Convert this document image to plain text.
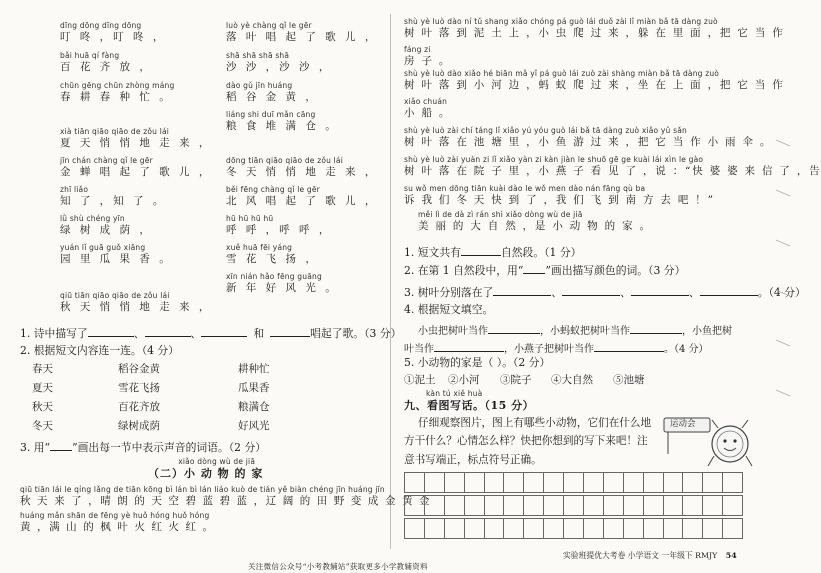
dīng dōng dīng dōng
叮 咚 ，叮 咚 ，
bǎi huā qí fàng
百 花 齐 放 ，
chūn gēng chūn zhòng máng
春 耕 春 种 忙 。
xià tiān qiāo qiāo de zǒu lái
夏 天 悄 悄 地 走 来 ，
jīn chán chàng qǐ le gēr
金 蝉 唱 起 了 歌 儿 ，
zhī liǎo
知 了 ，知 了 。
lǜ shù chéng yīn
绿 树 成 荫 ，
yuán lǐ guā guǒ xiāng
园 里 瓜 果 香 。
qiū tiān qiāo qiāo de zǒu lái
秋 天 悄 悄 地 走 来 ，
luò yè chàng qǐ le gēr
落 叶 唱 起 了 歌 儿 ，
shā shā shā shā
沙 沙 ，沙 沙 ，
dào gǔ jīn huáng
稻 谷 金 黄 ，
liáng shi duī mǎn cāng
粮 食 堆 满 仓 。
dōng tiān qiāo qiāo de zǒu lái
冬 天 悄 悄 地 走 来 ，
běi fēng chàng qǐ le gēr
北 风 唱 起 了 歌 儿 ，
hū hū hū hū
呼 呼 ，呼 呼 ，
xuě huā fēi yáng
雪 花 飞 扬 ，
xīn nián hǎo fēng guāng
新 年 好 风 光 。
1. 诗中描写了	、	、	和	唱起了歌。（3 分）
2. 根据短文内容连一连。（4 分）
春天	稻谷金黄	耕种忙
夏天	雪花飞扬	瓜果香
秋天	百花齐放	粮满仓
冬天	绿树成荫	好风光
3. 用“ ”画出每一节中表示声音的词语。（2 分）
xiǎo dòng wù de jiā
（二）小 动 物 的 家
qiū tiān lái le qíng lǎng de tiān kōng bì lán bì lán liáo kuò de tián yě biàn chéng jīn huáng jīn
秋 天 来 了 ，晴 朗 的 天 空 碧 蓝 碧 蓝 ，辽 阔 的 田 野 变 成 金 黄 金
huáng mǎn shān de fēng yè huǒ hóng huǒ hóng
黄 ，满 山 的 枫 叶 火 红 火 红 。
shù yè luò dào ní tǔ shang xiǎo chóng pá guò lái duǒ zài lǐ miàn bǎ tā dàng zuò
树 叶 落 到 泥 土 上 ，小 虫 爬 过 来 ，躲 在 里 面 ，把 它 当 作
fáng zi
房 子 。
shù yè luò dào xiǎo hé biān mǎ yǐ pá guò lái zuò zài shàng miàn bǎ tā dàng zuò
树 叶 落 到 小 河 边 ，蚂 蚁 爬 过 来 ，坐 在 上 面 ，把 它 当 作
xiǎo chuán
小 船 。
shù yè luò zài chí táng lǐ xiǎo yú yóu guò lái bǎ tā dàng zuò xiǎo yǔ sǎn
树 叶 落 在 池 塘 里 ，小 鱼 游 过 来 ，把 它 当 作 小 雨 伞 。
shù yè luò zài yuàn zi lǐ xiǎo yàn zi kàn jiàn le shuō gē ge kuài lái xìn le gào
树 叶 落 在 院 子 里 ，小 燕 子 看 见 了 ，说 ：“快 婆 婆 来 信 了 ，告
su wǒ men dōng tiān kuài dào le wǒ men dào nán fāng qù ba
诉 我 们 冬 天 快 到 了 ，我 们 飞 到 南 方 去 吧 ！”
měi lì de dà zì rán shì xiǎo dòng wù de jiā
美 丽 的 大 自 然 ，是 小 动 物 的 家 。
1. 短文共有	自然段。（1 分）
2. 在第 1 自然段中，用“ ”画出描写颜色的词。（3 分）
3. 树叶分别落在了	、	、	、	。（4 分）
4. 根据短文填空。
小虫把树叶当作	，小蚂蚁把树叶当作	，小鱼把树
叶当作	，小燕子把树叶当作	。（4 分）
5. 小动物的家是（ ）。（2 分）
①泥土 ②小河 ③院子 ④大自然 ⑤池塘
kàn tú xiě huà
九、看图写话。（15 分）
仔细观察图片，图上有哪些小动物，它们在什么地
方干什么？心情怎么样？快把你想到的写下来吧！注
意书写端正，标点符号正确。
运动会
实验班提优大考卷 小学语文 一年级下 RMJY 54
关注微信公众号“小考教辅站”获取更多小学教辅资料
